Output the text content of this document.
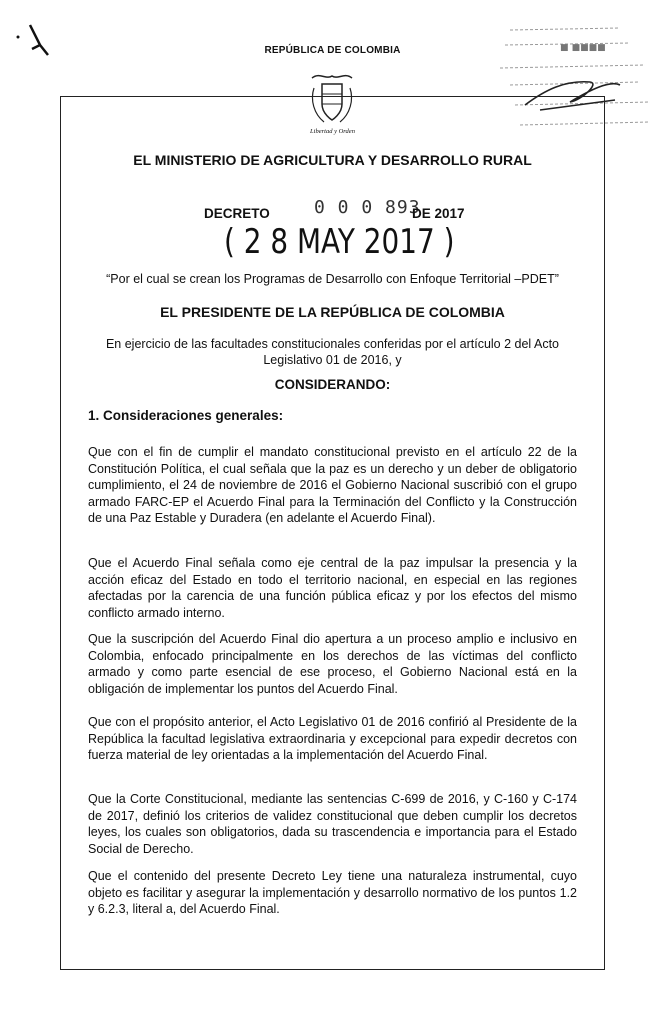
■ ■■■■
REPÚBLICA DE COLOMBIA
Libertad y Orden
EL MINISTERIO DE AGRICULTURA Y DESARROLLO RURAL
DECRETO 0 0 0 893
DE 2017
( 2 8 MAY 2017 )
“Por el cual se crean los Programas de Desarrollo con Enfoque Territorial –PDET”
EL PRESIDENTE DE LA REPÚBLICA DE COLOMBIA
En ejercicio de las facultades constitucionales conferidas por el artículo 2 del Acto Legislativo 01 de 2016, y
CONSIDERANDO:
1. Consideraciones generales:
Que con el fin de cumplir el mandato constitucional previsto en el artículo 22 de la Constitución Política, el cual señala que la paz es un derecho y un deber de obligatorio cumplimiento, el 24 de noviembre de 2016 el Gobierno Nacional suscribió con el grupo armado FARC-EP el Acuerdo Final para la Terminación del Conflicto y la Construcción de una Paz Estable y Duradera (en adelante el Acuerdo Final).
Que el Acuerdo Final señala como eje central de la paz impulsar la presencia y la acción eficaz del Estado en todo el territorio nacional, en especial en las regiones afectadas por la carencia de una función pública eficaz y por los efectos del mismo conflicto armado interno.
Que la suscripción del Acuerdo Final dio apertura a un proceso amplio e inclusivo en Colombia, enfocado principalmente en los derechos de las víctimas del conflicto armado y como parte esencial de ese proceso, el Gobierno Nacional está en la obligación de implementar los puntos del Acuerdo Final.
Que con el propósito anterior, el Acto Legislativo 01 de 2016 confirió al Presidente de la República la facultad legislativa extraordinaria y excepcional para expedir decretos con fuerza material de ley orientadas a la implementación del Acuerdo Final.
Que la Corte Constitucional, mediante las sentencias C-699 de 2016, y C-160 y C-174 de 2017, definió los criterios de validez constitucional que deben cumplir los decretos leyes, los cuales son obligatorios, dada su trascendencia e importancia para el Estado Social de Derecho.
Que el contenido del presente Decreto Ley tiene una naturaleza instrumental, cuyo objeto es facilitar y asegurar la implementación y desarrollo normativo de los puntos 1.2 y 6.2.3, literal a, del Acuerdo Final.
